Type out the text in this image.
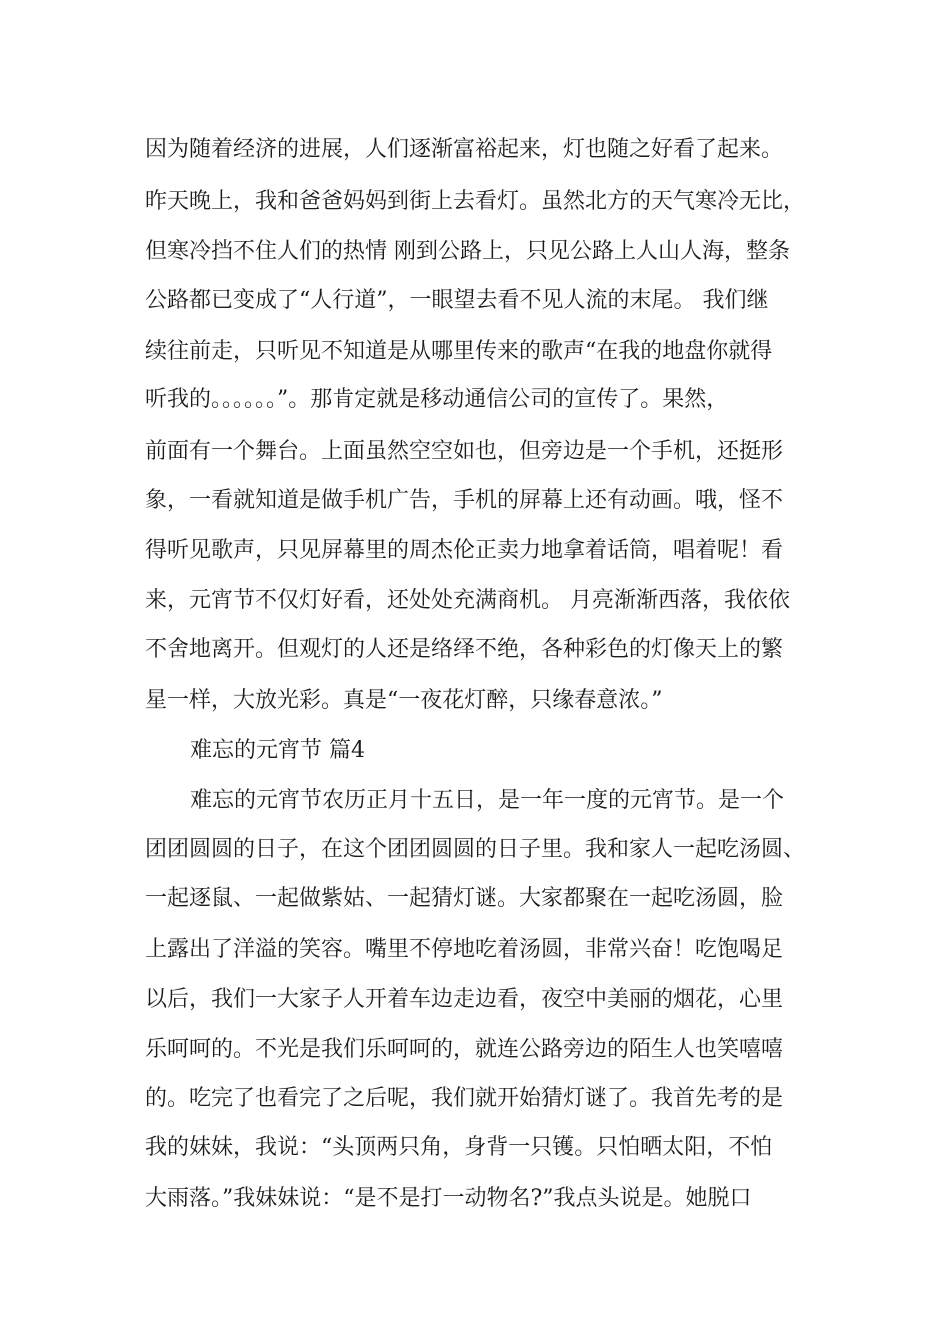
因为随着经济的进展，人们逐渐富裕起来，灯也随之好看了起来。

昨天晚上，我和爸爸妈妈到街上去看灯。虽然北方的天气寒冷无比，

但寒冷挡不住人们的热情 刚到公路上，只见公路上人山人海，整条

公路都已变成了“人行道”，一眼望去看不见人流的末尾。 我们继

续往前走，只听见不知道是从哪里传来的歌声“在我的地盘你就得

听我的。。。。。。”。那肯定就是移动通信公司的宣传了。果然，

前面有一个舞台。上面虽然空空如也，但旁边是一个手机，还挺形

象，一看就知道是做手机广告，手机的屏幕上还有动画。哦，怪不

得听见歌声，只见屏幕里的周杰伦正卖力地拿着话筒，唱着呢！看

来，元宵节不仅灯好看，还处处充满商机。 月亮渐渐西落，我依依

不舍地离开。但观灯的人还是络绎不绝，各种彩色的灯像天上的繁

星一样，大放光彩。真是“一夜花灯醉，只缘春意浓。”

难忘的元宵节 篇4

难忘的元宵节农历正月十五日，是一年一度的元宵节。是一个

团团圆圆的日子，在这个团团圆圆的日子里。我和家人一起吃汤圆、

一起逐鼠、一起做紫姑、一起猜灯谜。大家都聚在一起吃汤圆，脸

上露出了洋溢的笑容。嘴里不停地吃着汤圆，非常兴奋！吃饱喝足

以后，我们一大家子人开着车边走边看，夜空中美丽的烟花，心里

乐呵呵的。不光是我们乐呵呵的，就连公路旁边的陌生人也笑嘻嘻

的。吃完了也看完了之后呢，我们就开始猜灯谜了。我首先考的是

我的妹妹，我说：“头顶两只角，身背一只镬。只怕晒太阳，不怕

大雨落。”我妹妹说：“是不是打一动物名?”我点头说是。她脱口
